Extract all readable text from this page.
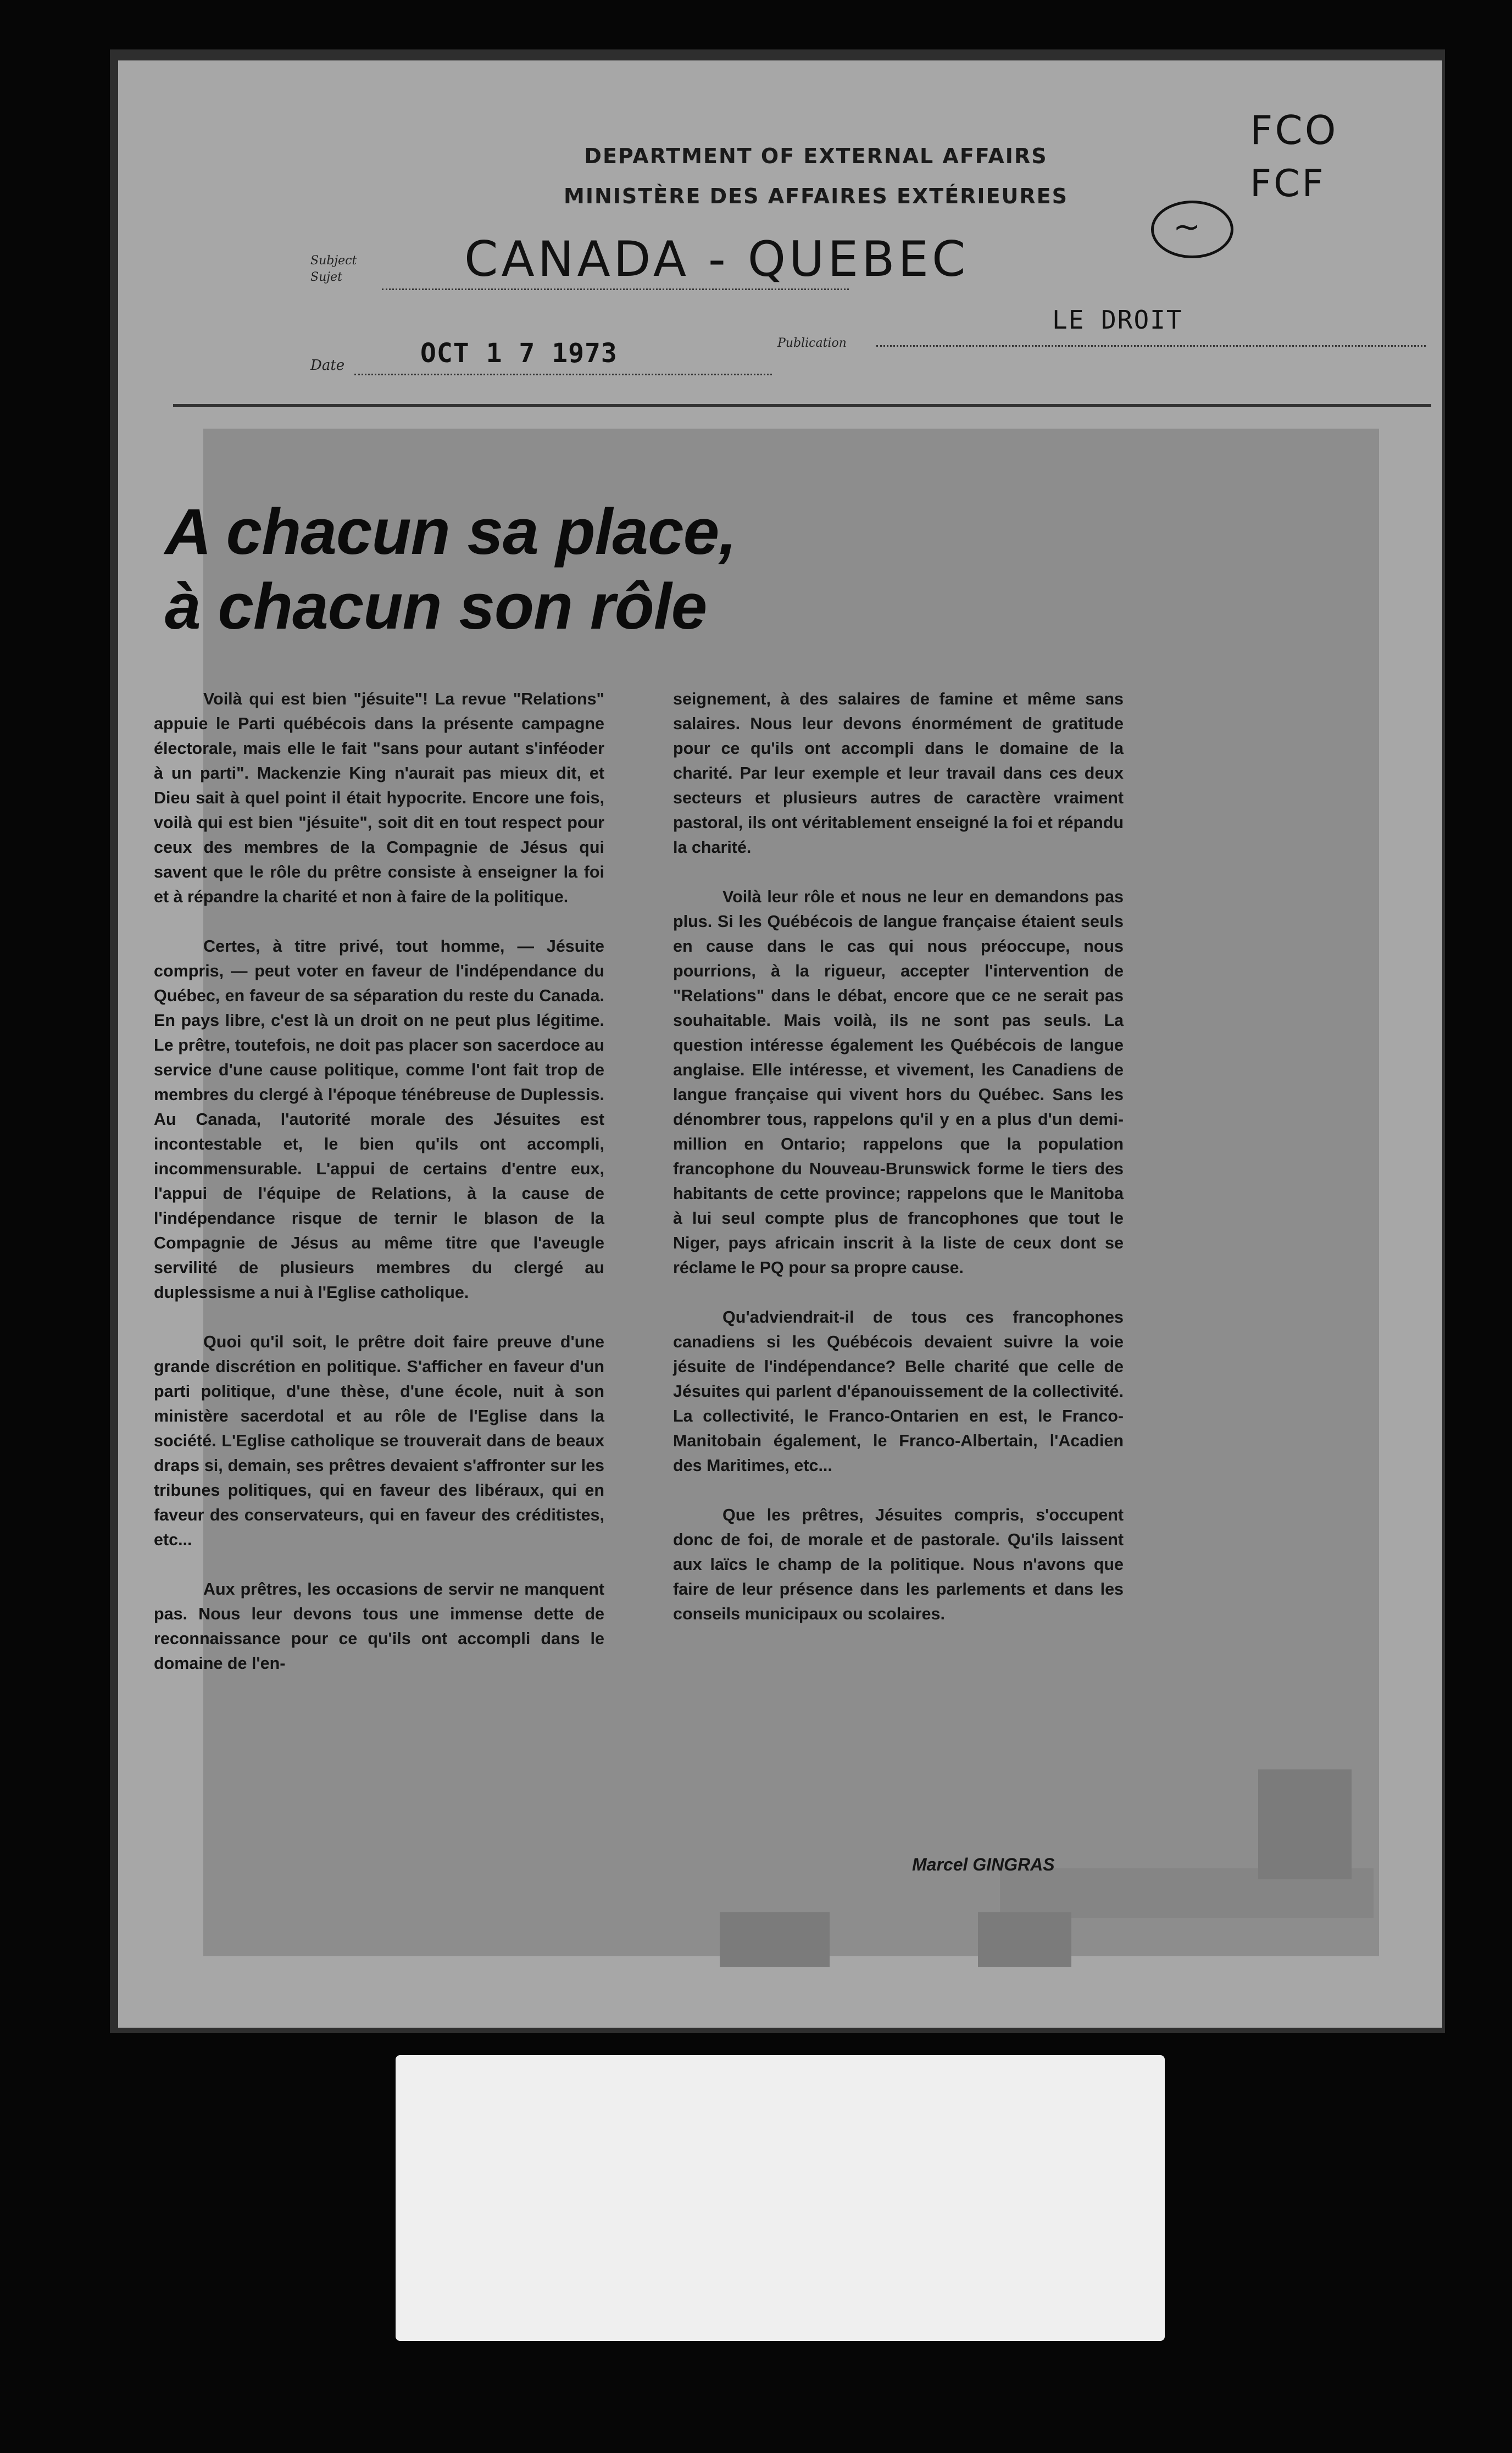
DEPARTMENT OF EXTERNAL AFFAIRS
MINISTÈRE DES AFFAIRES EXTÉRIEURES
FCO
FCF
~
Subject
Sujet	CANADA - QUEBEC
Date	OCT 1 7 1973	Publication
LE DROIT
A chacun sa place,
à chacun son rôle

Voilà qui est bien "jésuite"! La revue "Relations" appuie le Parti québécois dans la présente campagne électorale, mais elle le fait "sans pour autant s'inféoder à un parti". Mackenzie King n'aurait pas mieux dit, et Dieu sait à quel point il était hypocrite. Encore une fois, voilà qui est bien "jésuite", soit dit en tout respect pour ceux des membres de la Compagnie de Jésus qui savent que le rôle du prêtre consiste à enseigner la foi et à répandre la charité et non à faire de la politique.

Certes, à titre privé, tout homme, — Jésuite compris, — peut voter en faveur de l'indépendance du Québec, en faveur de sa séparation du reste du Canada. En pays libre, c'est là un droit on ne peut plus légitime. Le prêtre, toutefois, ne doit pas placer son sacerdoce au service d'une cause politique, comme l'ont fait trop de membres du clergé à l'époque ténébreuse de Duplessis. Au Canada, l'autorité morale des Jésuites est incontestable et, le bien qu'ils ont accompli, incommensurable. L'appui de certains d'entre eux, l'appui de l'équipe de Relations, à la cause de l'indépendance risque de ternir le blason de la Compagnie de Jésus au même titre que l'aveugle servilité de plusieurs membres du clergé au duplessisme a nui à l'Eglise catholique.

Quoi qu'il soit, le prêtre doit faire preuve d'une grande discrétion en politique. S'afficher en faveur d'un parti politique, d'une thèse, d'une école, nuit à son ministère sacerdotal et au rôle de l'Eglise dans la société. L'Eglise catholique se trouverait dans de beaux draps si, demain, ses prêtres devaient s'affronter sur les tribunes politiques, qui en faveur des libéraux, qui en faveur des conservateurs, qui en faveur des créditistes, etc...

Aux prêtres, les occasions de servir ne manquent pas. Nous leur devons tous une immense dette de reconnaissance pour ce qu'ils ont accompli dans le domaine de l'en-

seignement, à des salaires de famine et même sans salaires. Nous leur devons énormément de gratitude pour ce qu'ils ont accompli dans le domaine de la charité. Par leur exemple et leur travail dans ces deux secteurs et plusieurs autres de caractère vraiment pastoral, ils ont véritablement enseigné la foi et répandu la charité.

Voilà leur rôle et nous ne leur en demandons pas plus. Si les Québécois de langue française étaient seuls en cause dans le cas qui nous préoccupe, nous pourrions, à la rigueur, accepter l'intervention de "Relations" dans le débat, encore que ce ne serait pas souhaitable. Mais voilà, ils ne sont pas seuls. La question intéresse également les Québécois de langue anglaise. Elle intéresse, et vivement, les Canadiens de langue française qui vivent hors du Québec. Sans les dénombrer tous, rappelons qu'il y en a plus d'un demi-million en Ontario; rappelons que la population francophone du Nouveau-Brunswick forme le tiers des habitants de cette province; rappelons que le Manitoba à lui seul compte plus de francophones que tout le Niger, pays africain inscrit à la liste de ceux dont se réclame le PQ pour sa propre cause.

Qu'adviendrait-il de tous ces francophones canadiens si les Québécois devaient suivre la voie jésuite de l'indépendance? Belle charité que celle de Jésuites qui parlent d'épanouissement de la collectivité. La collectivité, le Franco-Ontarien en est, le Franco-Manitobain également, le Franco-Albertain, l'Acadien des Maritimes, etc...

Que les prêtres, Jésuites compris, s'occupent donc de foi, de morale et de pastorale. Qu'ils laissent aux laïcs le champ de la politique. Nous n'avons que faire de leur présence dans les parlements et dans les conseils municipaux ou scolaires.

Marcel GINGRAS
